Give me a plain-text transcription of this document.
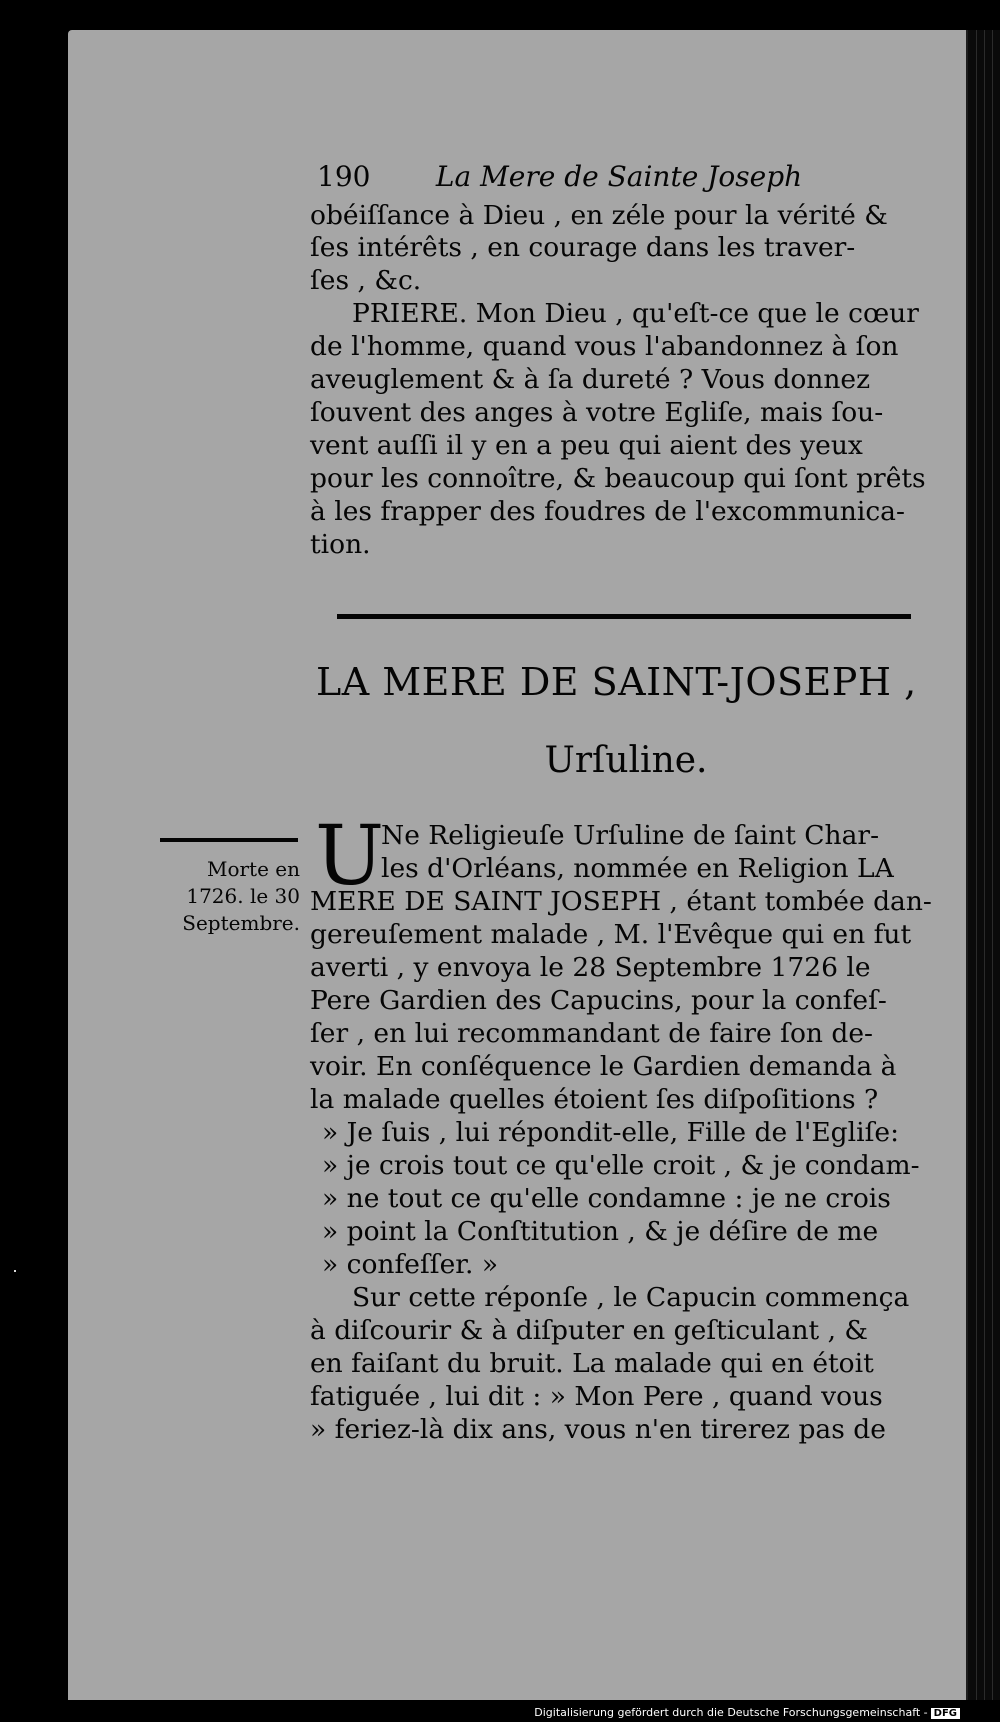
190 La Mere de Sainte Joseph
obéiſſance à Dieu , en zéle pour la vérité &
ſes intérêts , en courage dans les traver-
ſes , &c.
PRIERE. Mon Dieu , qu'eſt-ce que le cœur
de l'homme, quand vous l'abandonnez à ſon
aveuglement & à ſa dureté ? Vous donnez
ſouvent des anges à votre Egliſe, mais ſou-
vent auſſi il y en a peu qui aient des yeux
pour les connoître, & beaucoup qui ſont prêts
à les frapper des foudres de l'excommunica-
tion.
LA MERE DE SAINT-JOSEPH ,
Urſuline.
Morte en 1726. le 30 Septembre.
U
Ne Religieuſe Urſuline de ſaint Char-
les d'Orléans, nommée en Religion LA
MERE DE SAINT JOSEPH , étant tombée dan-
gereuſement malade , M. l'Evêque qui en fut
averti , y envoya le 28 Septembre 1726 le
Pere Gardien des Capucins, pour la confeſ-
ſer , en lui recommandant de faire ſon de-
voir. En conſéquence le Gardien demanda à
la malade quelles étoient ſes diſpoſitions ?
» Je ſuis , lui répondit-elle, Fille de l'Egliſe:
» je crois tout ce qu'elle croit , & je condam-
» ne tout ce qu'elle condamne : je ne crois
» point la Conſtitution , & je déſire de me
» confeſſer. »
Sur cette réponſe , le Capucin commença
à diſcourir & à diſputer en geſticulant , &
en faiſant du bruit. La malade qui en étoit
fatiguée , lui dit : » Mon Pere , quand vous
» feriez-là dix ans, vous n'en tirerez pas de
Digitalisierung gefördert durch die Deutsche Forschungsgemeinschaft - DFG
